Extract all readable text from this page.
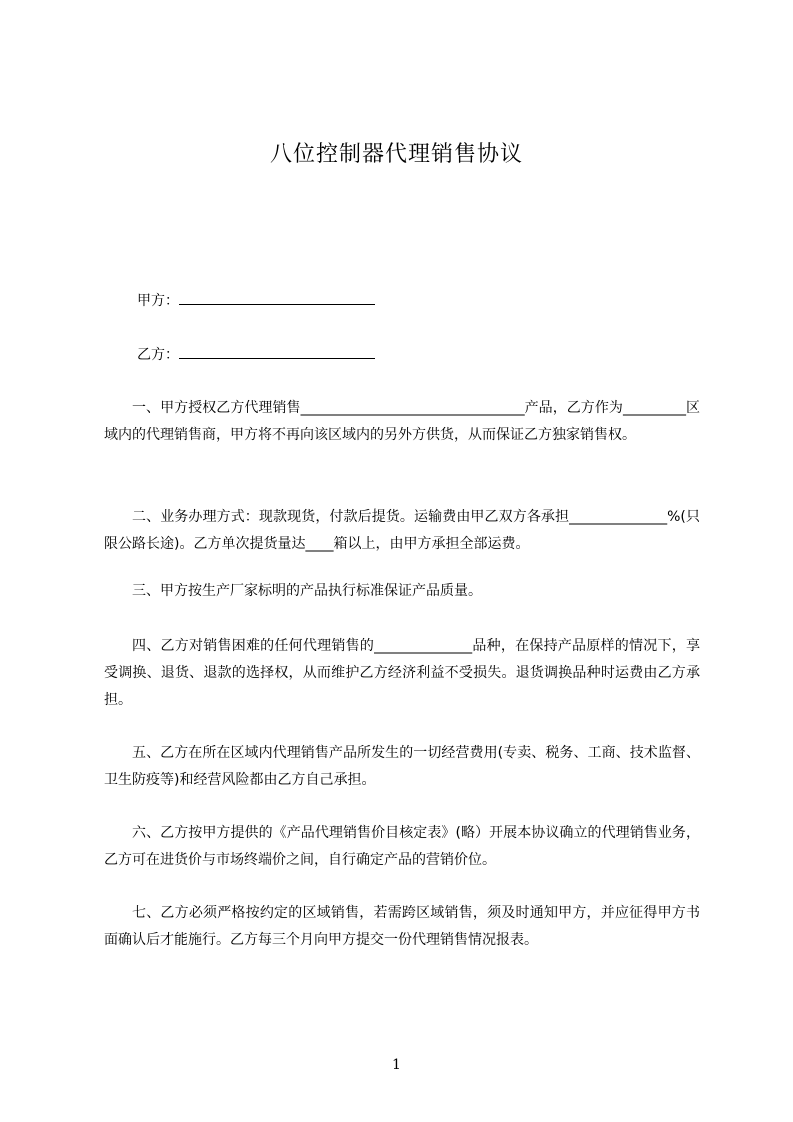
八位控制器代理销售协议
甲方：
乙方：
一、甲方授权乙方代理销售________________________________产品，乙方作为_________区域内的代理销售商，甲方将不再向该区域内的另外方供货，从而保证乙方独家销售权。
二、业务办理方式：现款现货，付款后提货。运输费由甲乙双方各承担______________%(只限公路长途)。乙方单次提货量达____箱以上，由甲方承担全部运费。
三、甲方按生产厂家标明的产品执行标准保证产品质量。
四、乙方对销售困难的任何代理销售的______________品种，在保持产品原样的情况下，享受调换、退货、退款的选择权，从而维护乙方经济利益不受损失。退货调换品种时运费由乙方承担。
五、乙方在所在区域内代理销售产品所发生的一切经营费用(专卖、税务、工商、技术监督、卫生防疫等)和经营风险都由乙方自己承担。
六、乙方按甲方提供的《产品代理销售价目核定表》(略）开展本协议确立的代理销售业务，乙方可在进货价与市场终端价之间，自行确定产品的营销价位。
七、乙方必须严格按约定的区域销售，若需跨区域销售，须及时通知甲方，并应征得甲方书面确认后才能施行。乙方每三个月向甲方提交一份代理销售情况报表。
1
